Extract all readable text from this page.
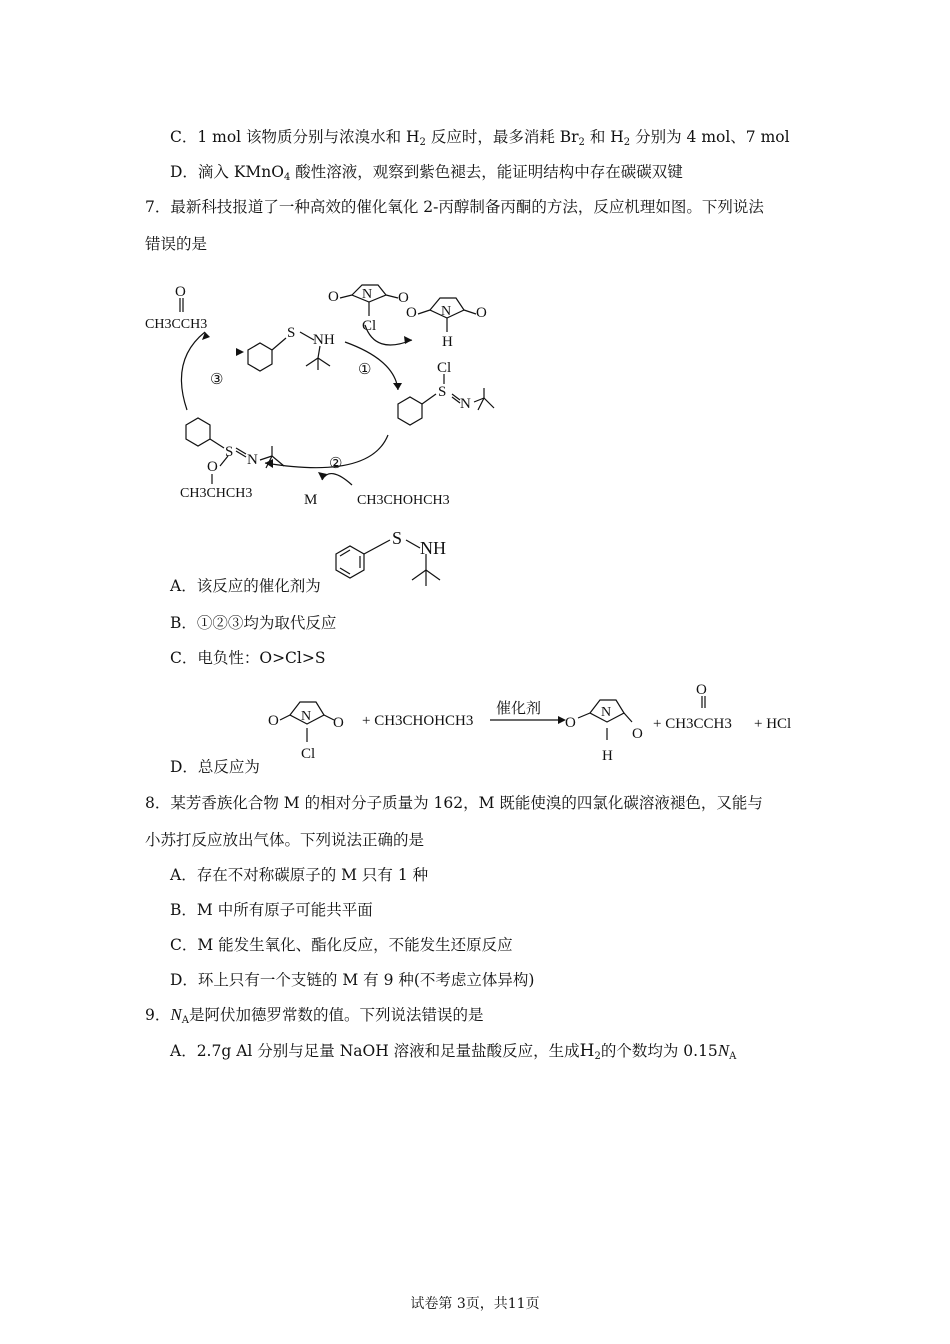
C．1 mol 该物质分别与浓溴水和 $H_2$ 反应时，最多消耗 $Br_2$ 和 $H_2$ 分别为 4 mol、7 mol
D．滴入 KMnO$_4$ 酸性溶液，观察到紫色褪去，能证明结构中存在碳碳双键
7．最新科技报道了一种高效的催化氧化 2-丙醇制备丙酮的方法，反应机理如图。下列说法
错误的是
O
CH3CCH3
③
S NH
O N O
Cl
O N O
H
①	Cl
S
N
②
S N
O
CH3CHCH3	M	CH3CHOHCH3
S NH
A．该反应的催化剂为
B．①②③均为取代反应
C．电负性：O>Cl>S
O N O
Cl
+ CH3CHOHCH3
催化剂
O
N
O
H
O
+ CH3CCH3 + HCl
D．总反应为
8．某芳香族化合物 M 的相对分子质量为 162，M 既能使溴的四氯化碳溶液褪色，又能与
小苏打反应放出气体。下列说法正确的是
A．存在不对称碳原子的 M 只有 1 种
B．M 中所有原子可能共平面
C．M 能发生氧化、酯化反应，不能发生还原反应
D．环上只有一个支链的 M 有 9 种(不考虑立体异构)
9．$N_A$是阿伏加德罗常数的值。下列说法错误的是
A．2.7g Al 分别与足量 NaOH 溶液和足量盐酸反应，生成$H_2$的个数均为 $0.15N_A$
试卷第 3页，共11页
